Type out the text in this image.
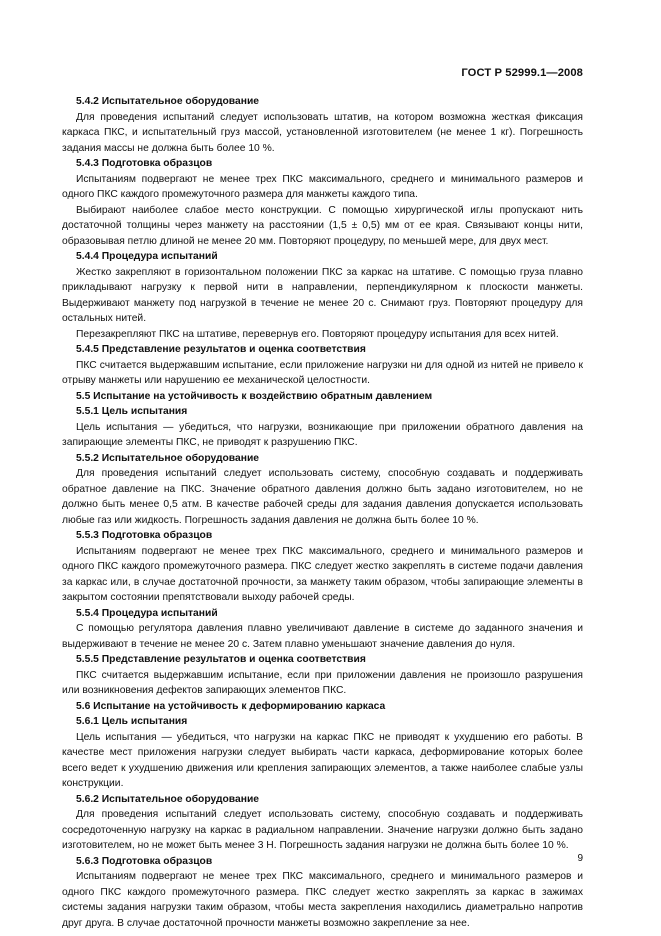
ГОСТ Р 52999.1—2008
5.4.2 Испытательное оборудование
Для проведения испытаний следует использовать штатив, на котором возможна жесткая фиксация каркаса ПКС, и испытательный груз массой, установленной изготовителем (не менее 1 кг). Погрешность задания массы не должна быть более 10 %.
5.4.3 Подготовка образцов
Испытаниям подвергают не менее трех ПКС максимального, среднего и минимального размеров и одного ПКС каждого промежуточного размера для манжеты каждого типа.
Выбирают наиболее слабое место конструкции. С помощью хирургической иглы пропускают нить достаточной толщины через манжету на расстоянии (1,5 ± 0,5) мм от ее края. Связывают концы нити, образовывая петлю длиной не менее 20 мм. Повторяют процедуру, по меньшей мере, для двух мест.
5.4.4 Процедура испытаний
Жестко закрепляют в горизонтальном положении ПКС за каркас на штативе. С помощью груза плавно прикладывают нагрузку к первой нити в направлении, перпендикулярном к плоскости манжеты. Выдерживают манжету под нагрузкой в течение не менее 20 с. Снимают груз. Повторяют процедуру для остальных нитей.
Перезакрепляют ПКС на штативе, перевернув его. Повторяют процедуру испытания для всех нитей.
5.4.5 Представление результатов и оценка соответствия
ПКС считается выдержавшим испытание, если приложение нагрузки ни для одной из нитей не привело к отрыву манжеты или нарушению ее механической целостности.
5.5 Испытание на устойчивость к воздействию обратным давлением
5.5.1 Цель испытания
Цель испытания — убедиться, что нагрузки, возникающие при приложении обратного давления на запирающие элементы ПКС, не приводят к разрушению ПКС.
5.5.2 Испытательное оборудование
Для проведения испытаний следует использовать систему, способную создавать и поддерживать обратное давление на ПКС. Значение обратного давления должно быть задано изготовителем, но не должно быть менее 0,5 атм. В качестве рабочей среды для задания давления допускается использовать любые газ или жидкость. Погрешность задания давления не должна быть более 10 %.
5.5.3 Подготовка образцов
Испытаниям подвергают не менее трех ПКС максимального, среднего и минимального размеров и одного ПКС каждого промежуточного размера. ПКС следует жестко закреплять в системе подачи давления за каркас или, в случае достаточной прочности, за манжету таким образом, чтобы запирающие элементы в закрытом состоянии препятствовали выходу рабочей среды.
5.5.4 Процедура испытаний
С помощью регулятора давления плавно увеличивают давление в системе до заданного значения и выдерживают в течение не менее 20 с. Затем плавно уменьшают значение давления до нуля.
5.5.5 Представление результатов и оценка соответствия
ПКС считается выдержавшим испытание, если при приложении давления не произошло разрушения или возникновения дефектов запирающих элементов ПКС.
5.6 Испытание на устойчивость к деформированию каркаса
5.6.1 Цель испытания
Цель испытания — убедиться, что нагрузки на каркас ПКС не приводят к ухудшению его работы. В качестве мест приложения нагрузки следует выбирать части каркаса, деформирование которых более всего ведет к ухудшению движения или крепления запирающих элементов, а также наиболее слабые узлы конструкции.
5.6.2 Испытательное оборудование
Для проведения испытаний следует использовать систему, способную создавать и поддерживать сосредоточенную нагрузку на каркас в радиальном направлении. Значение нагрузки должно быть задано изготовителем, но не может быть менее 3 Н. Погрешность задания нагрузки не должна быть более 10 %.
5.6.3 Подготовка образцов
Испытаниям подвергают не менее трех ПКС максимального, среднего и минимального размеров и одного ПКС каждого промежуточного размера. ПКС следует жестко закреплять за каркас в зажимах системы задания нагрузки таким образом, чтобы места закрепления находились диаметрально напротив друг друга. В случае достаточной прочности манжеты возможно закрепление за нее.
9
